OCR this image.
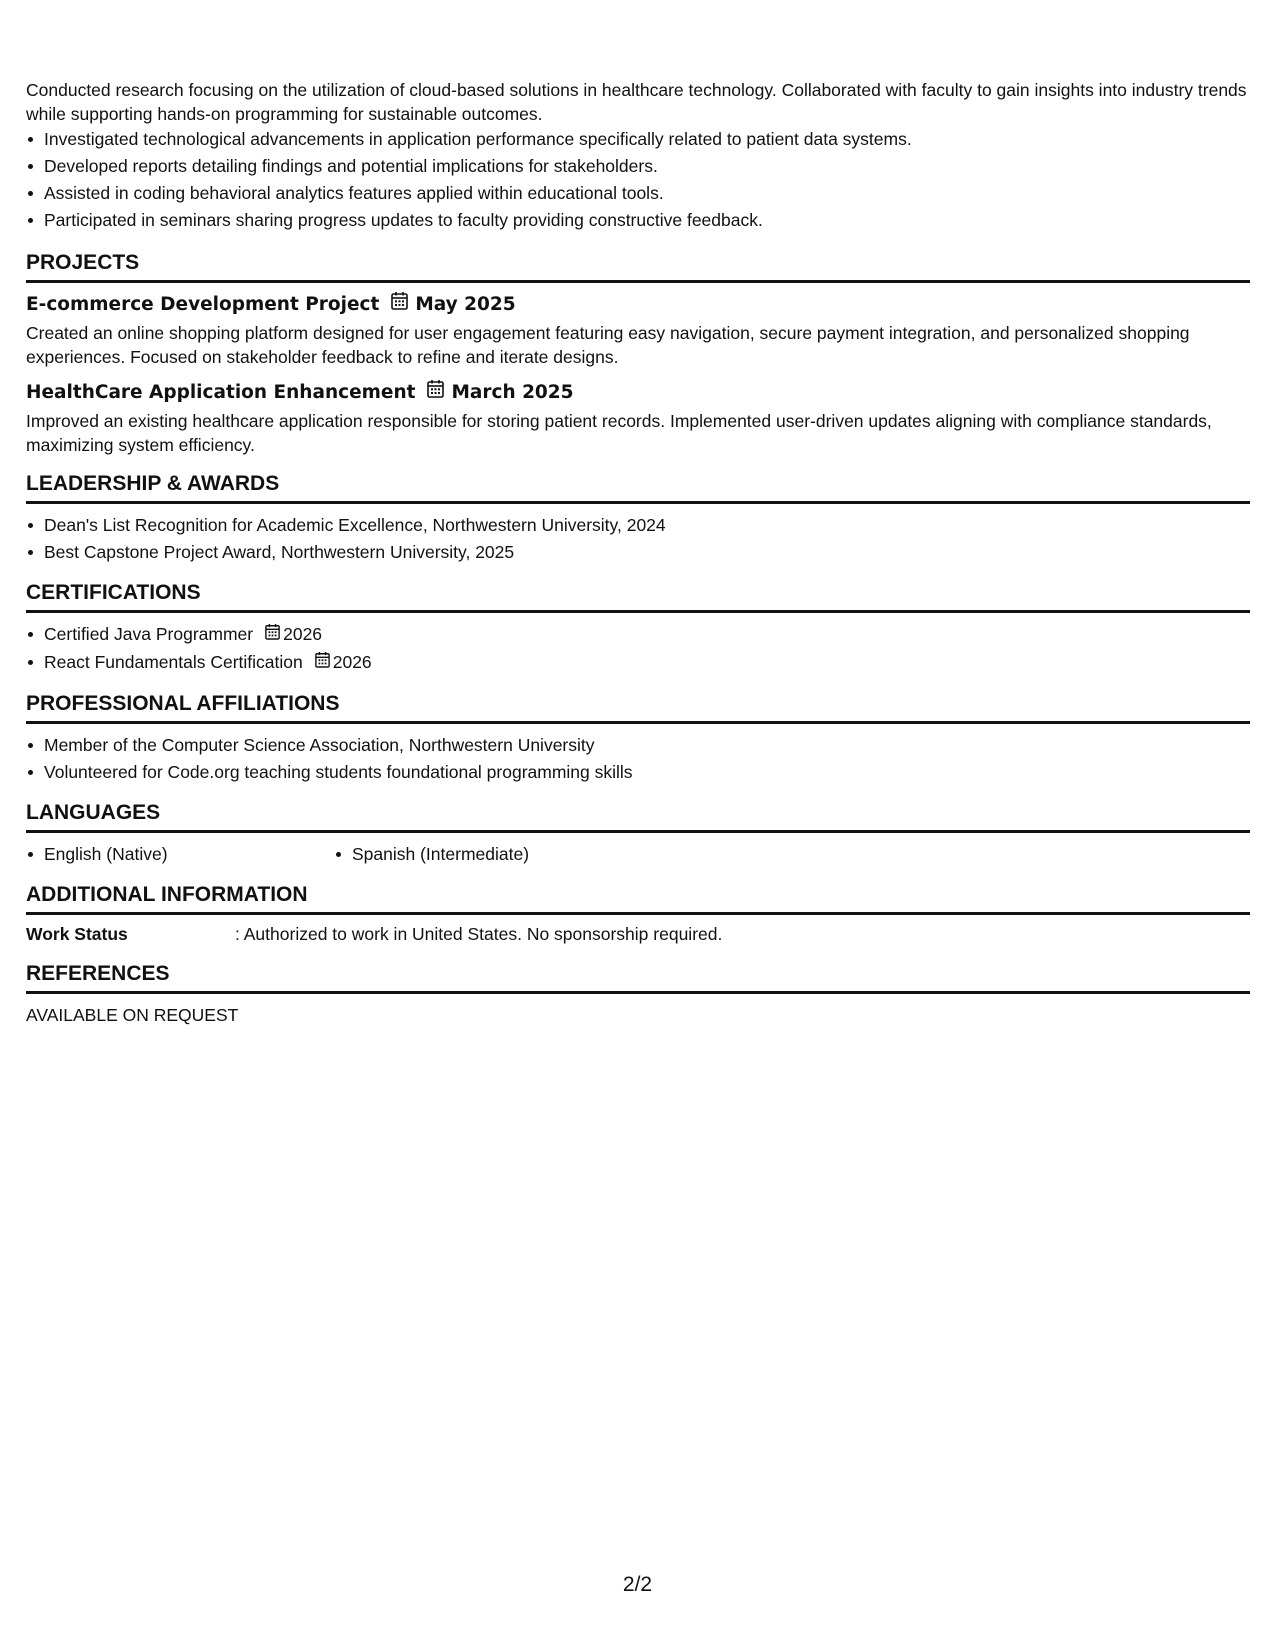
Conducted research focusing on the utilization of cloud-based solutions in healthcare technology. Collaborated with faculty to gain insights into industry trends while supporting hands-on programming for sustainable outcomes.

Investigated technological advancements in application performance specifically related to patient data systems.
Developed reports detailing findings and potential implications for stakeholders.
Assisted in coding behavioral analytics features applied within educational tools.
Participated in seminars sharing progress updates to faculty providing constructive feedback.
PROJECTS
E-commerce Development Project May 2025

Created an online shopping platform designed for user engagement featuring easy navigation, secure payment integration, and personalized shopping experiences. Focused on stakeholder feedback to refine and iterate designs.

HealthCare Application Enhancement March 2025

Improved an existing healthcare application responsible for storing patient records. Implemented user-driven updates aligning with compliance standards, maximizing system efficiency.

LEADERSHIP & AWARDS
Dean's List Recognition for Academic Excellence, Northwestern University, 2024
Best Capstone Project Award, Northwestern University, 2025
CERTIFICATIONS
Certified Java Programmer 2026
React Fundamentals Certification 2026
PROFESSIONAL AFFILIATIONS
Member of the Computer Science Association, Northwestern University
Volunteered for Code.org teaching students foundational programming skills
LANGUAGES
English (Native)	Spanish (Intermediate)
ADDITIONAL INFORMATION
Work Status	: Authorized to work in United States. No sponsorship required.
REFERENCES
AVAILABLE ON REQUEST
2/2
